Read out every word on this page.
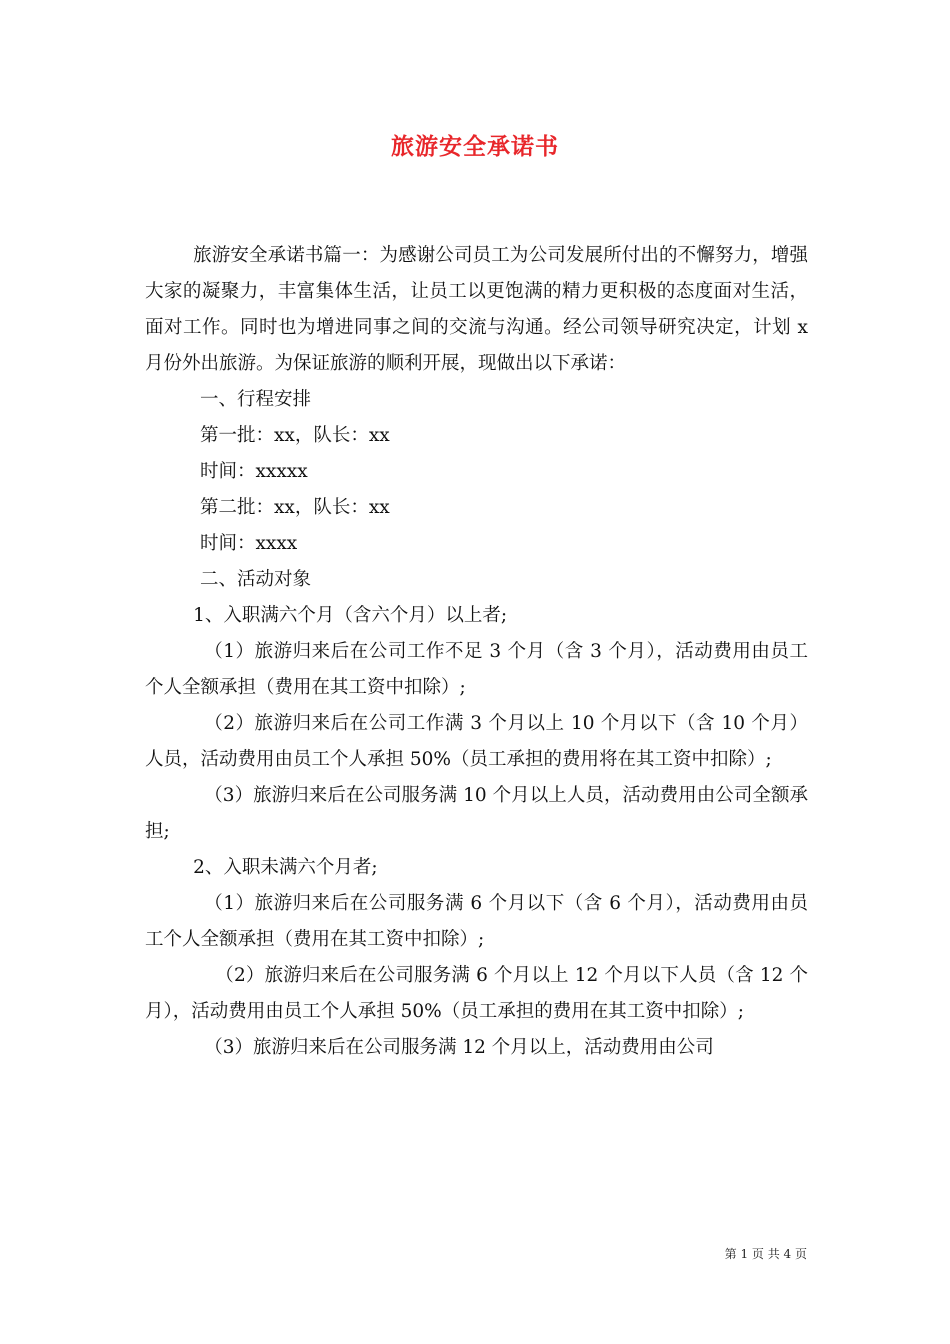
旅游安全承诺书

旅游安全承诺书篇一：为感谢公司员工为公司发展所付出的不懈努力，增强大家的凝聚力，丰富集体生活，让员工以更饱满的精力更积极的态度面对生活，面对工作。同时也为增进同事之间的交流与沟通。经公司领导研究决定，计划 x 月份外出旅游。为保证旅游的顺利开展，现做出以下承诺：

一、行程安排

第一批：xx，队长：xx

时间：xxxxx

第二批：xx，队长：xx

时间：xxxx

二、活动对象

1、入职满六个月（含六个月）以上者;

（1）旅游归来后在公司工作不足 3 个月（含 3 个月），活动费用由员工个人全额承担（费用在其工资中扣除）;

（2）旅游归来后在公司工作满 3 个月以上 10 个月以下（含 10 个月）人员，活动费用由员工个人承担 50%（员工承担的费用将在其工资中扣除）;

（3）旅游归来后在公司服务满 10 个月以上人员，活动费用由公司全额承担;

2、入职未满六个月者;

（1）旅游归来后在公司服务满 6 个月以下（含 6 个月），活动费用由员工个人全额承担（费用在其工资中扣除）;

（2）旅游归来后在公司服务满 6 个月以上 12 个月以下人员（含 12 个月），活动费用由员工个人承担 50%（员工承担的费用在其工资中扣除）;

（3）旅游归来后在公司服务满 12 个月以上，活动费用由公司

第 1 页 共 4 页
